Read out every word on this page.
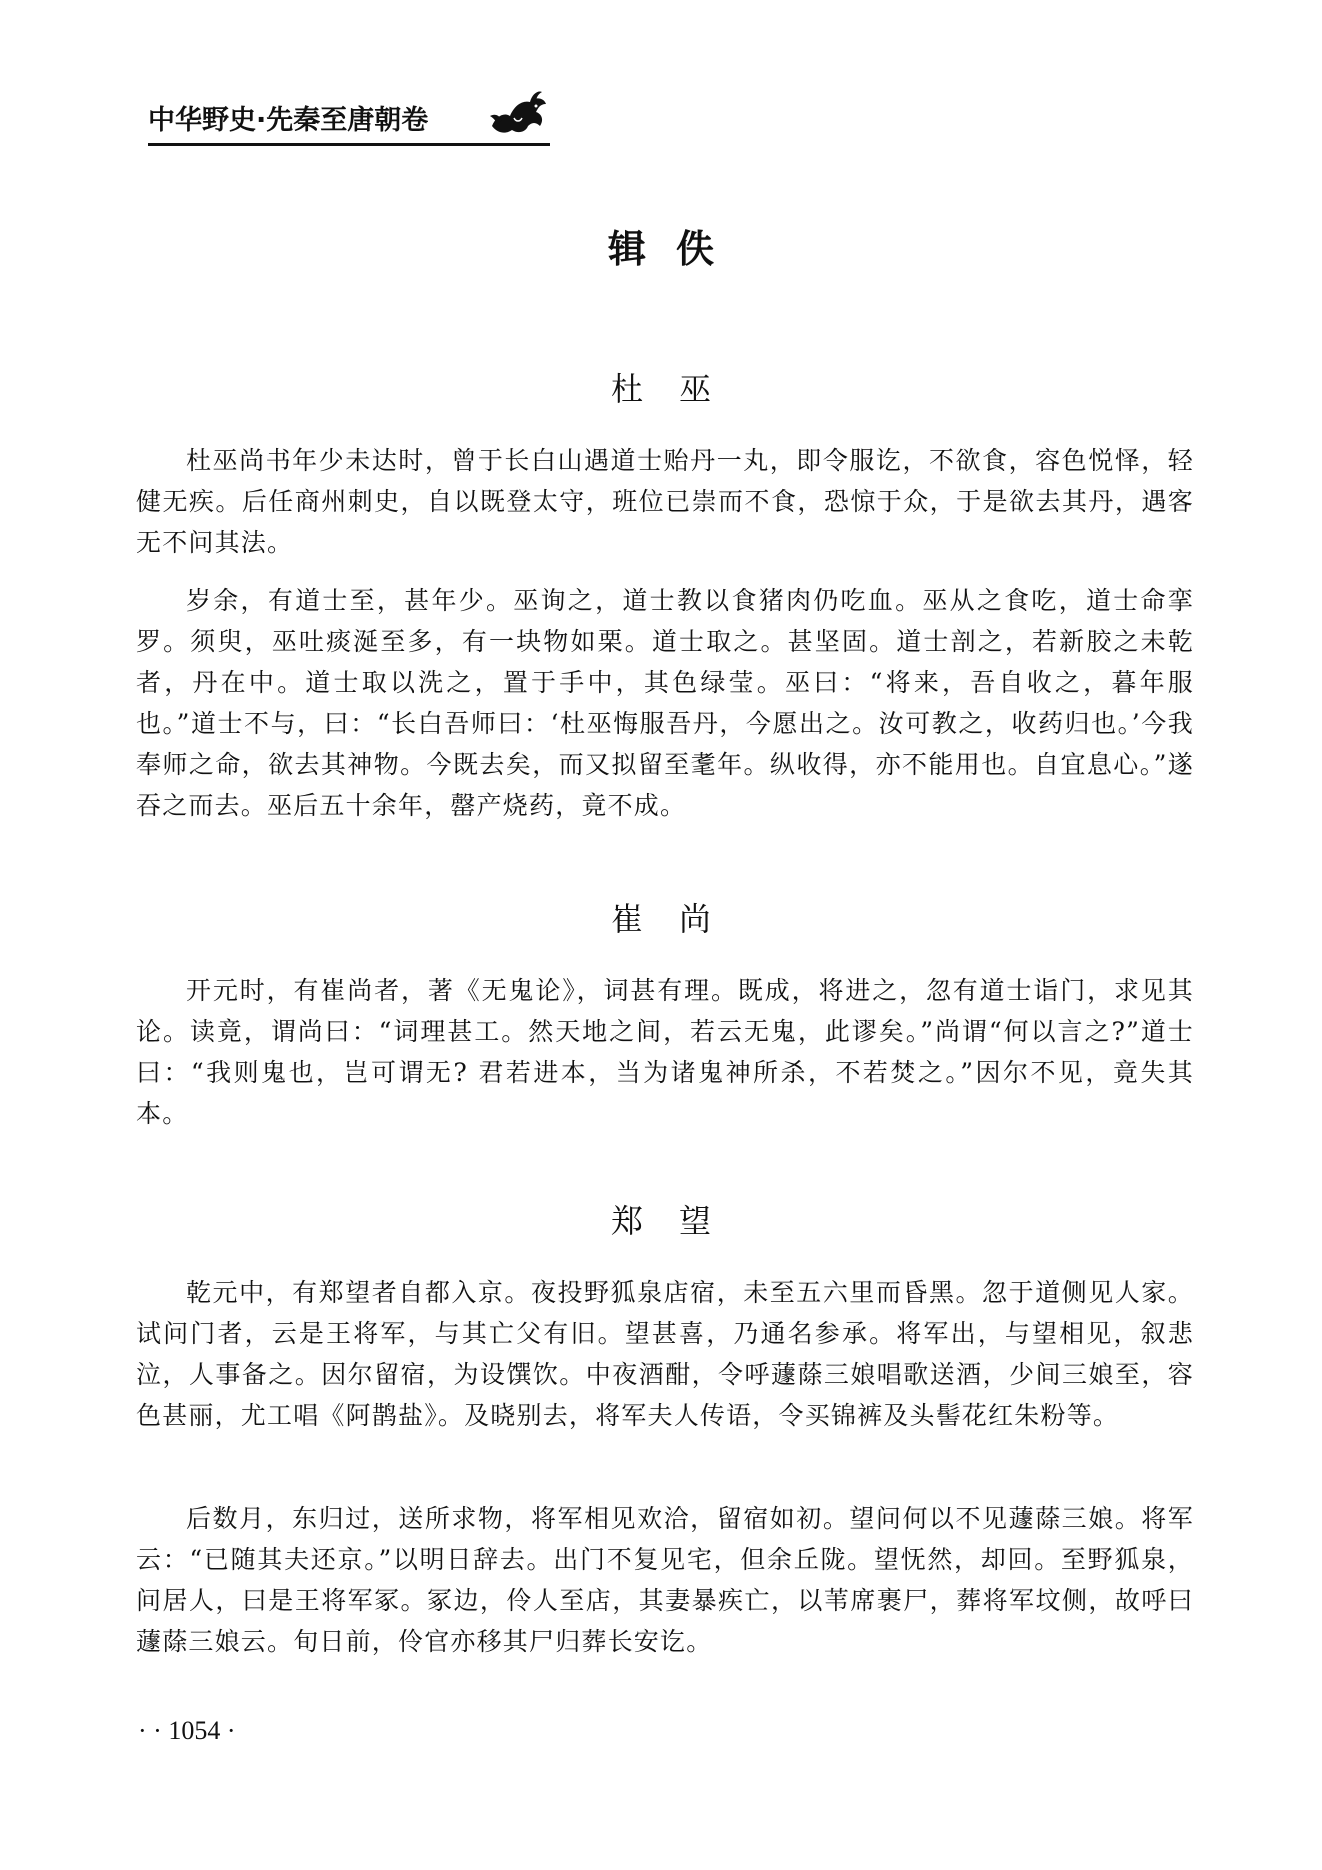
中华野史·先秦至唐朝卷
辑佚
杜巫

杜巫尚书年少未达时，曾于长白山遇道士贻丹一丸，即令服讫，不欲食，容色悦怿，轻健无疾。后任商州刺史，自以既登太守，班位已崇而不食，恐惊于众，于是欲去其丹，遇客无不问其法。

岁余，有道士至，甚年少。巫询之，道士教以食猪肉仍吃血。巫从之食吃，道士命挛罗。须臾，巫吐痰涎至多，有一块物如栗。道士取之。甚坚固。道士剖之，若新胶之未乾者，丹在中。道士取以洗之，置于手中，其色绿莹。巫曰：“将来，吾自收之，暮年服也。”道士不与，曰：“长白吾师曰：‘杜巫悔服吾丹，今愿出之。汝可教之，收药归也。’今我奉师之命，欲去其神物。今既去矣，而又拟留至耄年。纵收得，亦不能用也。自宜息心。”遂吞之而去。巫后五十余年，罄产烧药，竟不成。

崔尚

开元时，有崔尚者，著《无鬼论》，词甚有理。既成，将进之，忽有道士诣门，求见其论。读竟，谓尚曰：“词理甚工。然天地之间，若云无鬼，此谬矣。”尚谓“何以言之?”道士曰：“我则鬼也，岂可谓无? 君若进本，当为诸鬼神所杀，不若焚之。”因尔不见，竟失其本。

郑望

乾元中，有郑望者自都入京。夜投野狐泉店宿，未至五六里而昏黑。忽于道侧见人家。试问门者，云是王将军，与其亡父有旧。望甚喜，乃通名参承。将军出，与望相见，叙悲泣，人事备之。因尔留宿，为设馔饮。中夜酒酣，令呼蘧蒢三娘唱歌送酒，少间三娘至，容色甚丽，尤工唱《阿鹊盐》。及晓别去，将军夫人传语，令买锦裤及头髻花红朱粉等。

后数月，东归过，送所求物，将军相见欢洽，留宿如初。望问何以不见蘧蒢三娘。将军云：“已随其夫还京。”以明日辞去。出门不复见宅，但余丘陇。望怃然，却回。至野狐泉，问居人，曰是王将军冢。冢边，伶人至店，其妻暴疾亡，以苇席裹尸，葬将军坟侧，故呼曰蘧蒢三娘云。旬日前，伶官亦移其尸归葬长安讫。

· · 1054 ·
